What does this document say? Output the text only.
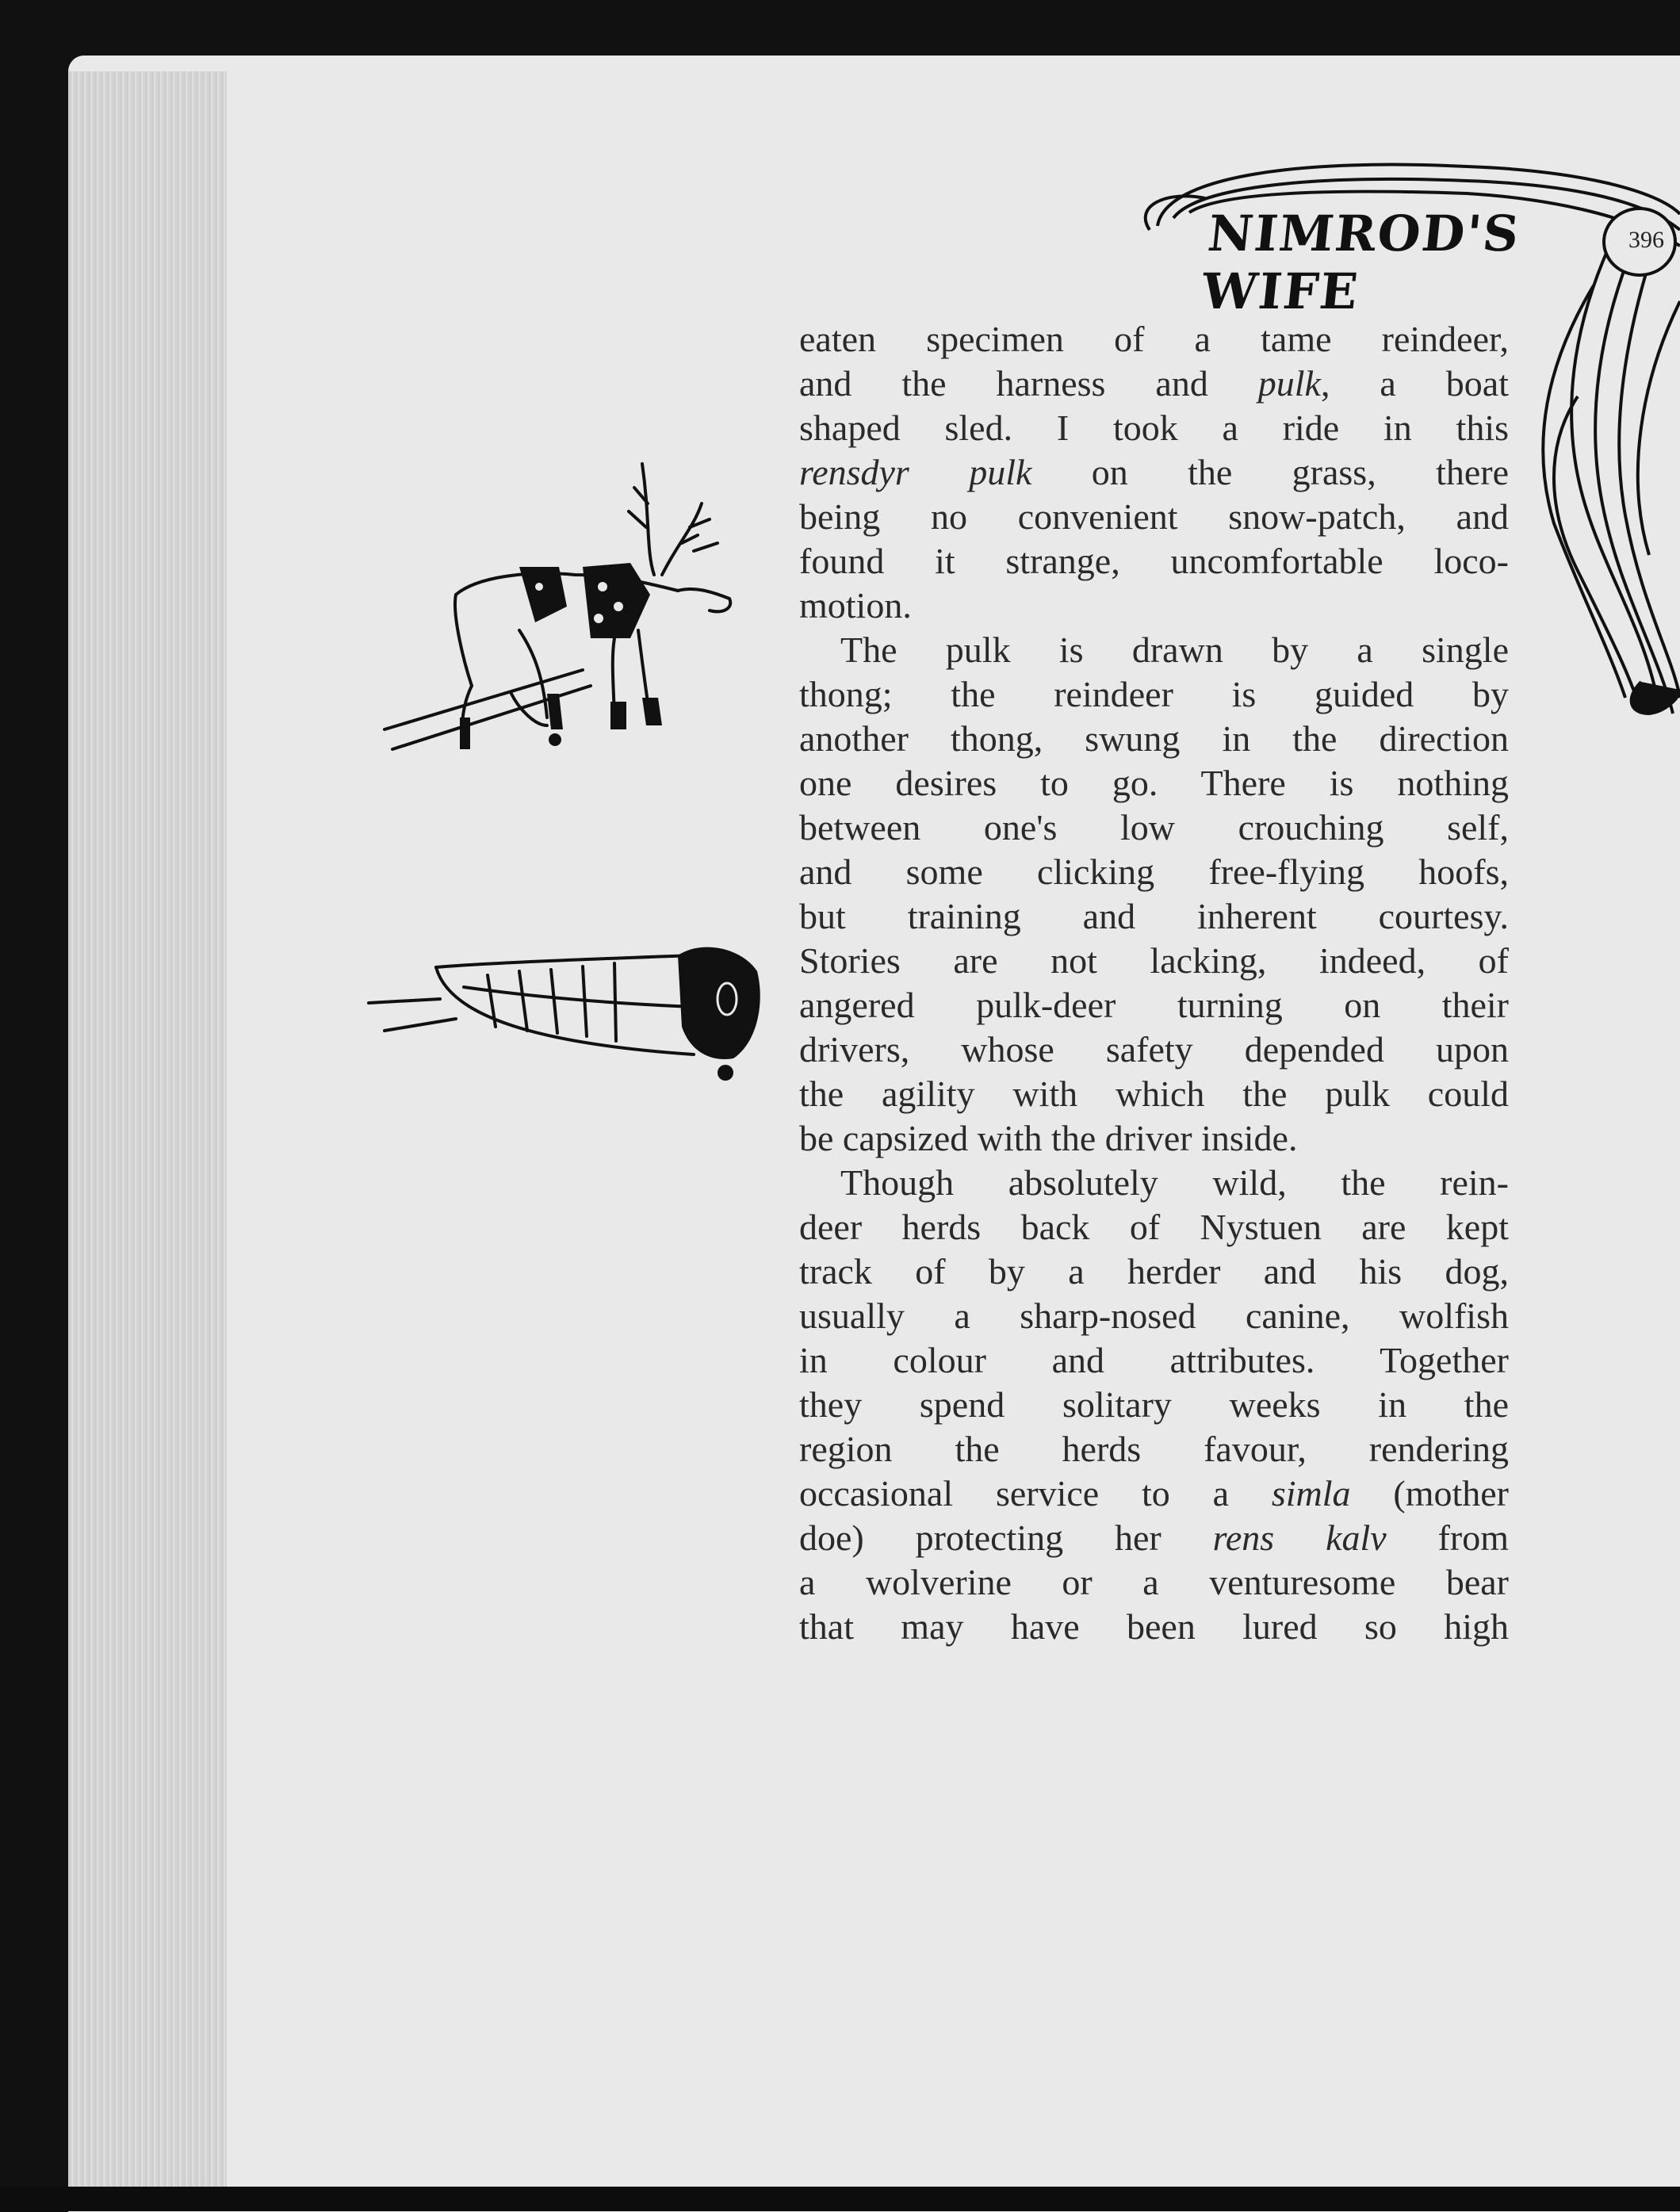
NIMROD'S WIFE
396
eaten specimen of a tame reindeer,
and the harness and pulk, a boat
shaped sled. I took a ride in this
rensdyr pulk on the grass, there
being no convenient snow-patch, and
found it strange, uncomfortable loco-
motion.
The pulk is drawn by a single
thong; the reindeer is guided by
another thong, swung in the direction
one desires to go. There is nothing
between one's low crouching self,
and some clicking free-flying hoofs,
but training and inherent courtesy.
Stories are not lacking, indeed, of
angered pulk-deer turning on their
drivers, whose safety depended upon
the agility with which the pulk could
be capsized with the driver inside.
Though absolutely wild, the rein-
deer herds back of Nystuen are kept
track of by a herder and his dog,
usually a sharp-nosed canine, wolfish
in colour and attributes. Together
they spend solitary weeks in the
region the herds favour, rendering
occasional service to a simla (mother
doe) protecting her rens kalv from
a wolverine or a venturesome bear
that may have been lured so high
